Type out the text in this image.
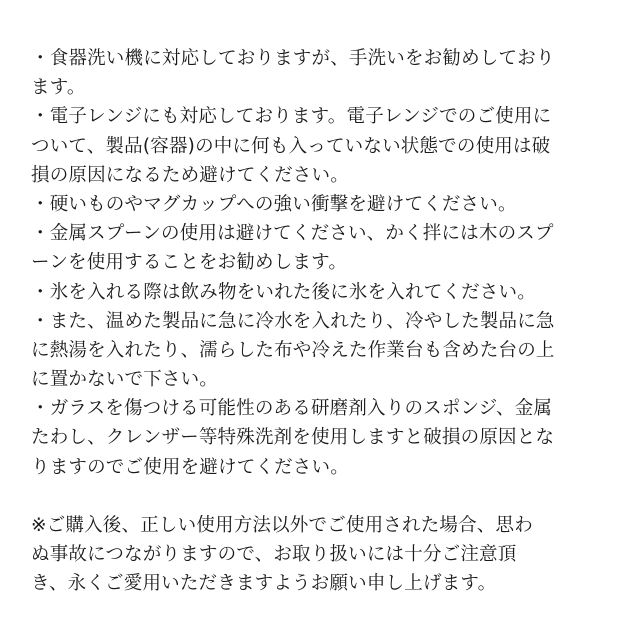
・食器洗い機に対応しておりますが、手洗いをお勧めしており
ます。
・電子レンジにも対応しております。電子レンジでのご使用に
ついて、製品(容器)の中に何も入っていない状態での使用は破
損の原因になるため避けてください。
・硬いものやマグカップへの強い衝撃を避けてください。
・金属スプーンの使用は避けてください、かく拌には木のスプ
ーンを使用することをお勧めします。
・氷を入れる際は飲み物をいれた後に氷を入れてください。
・また、温めた製品に急に冷水を入れたり、冷やした製品に急
に熱湯を入れたり、濡らした布や冷えた作業台も含めた台の上
に置かないで下さい。
・ガラスを傷つける可能性のある研磨剤入りのスポンジ、金属
たわし、クレンザー等特殊洗剤を使用しますと破損の原因とな
りますのでご使用を避けてください。
※ご購入後、正しい使用方法以外でご使用された場合、思わ
ぬ事故につながりますので、お取り扱いには十分ご注意頂
き、永くご愛用いただきますようお願い申し上げます。
